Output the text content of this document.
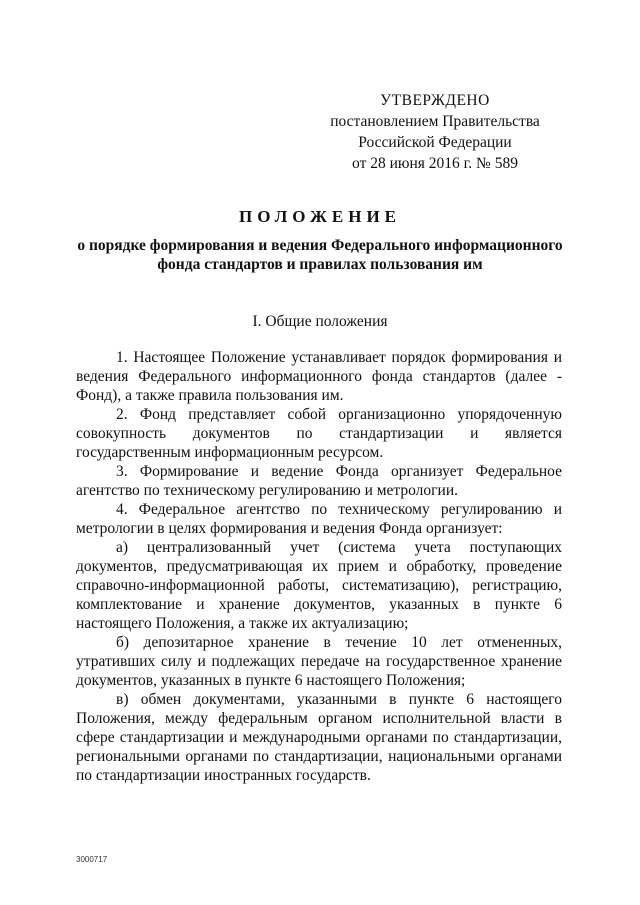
УТВЕРЖДЕНО
постановлением Правительства
Российской Федерации
от 28 июня 2016 г. № 589
ПОЛОЖЕНИЕ
о порядке формирования и ведения Федерального информационного фонда стандартов и правилах пользования им
I. Общие положения

1. Настоящее Положение устанавливает порядок формирования и ведения Федерального информационного фонда стандартов (далее - Фонд), а также правила пользования им.

2. Фонд представляет собой организационно упорядоченную совокупность документов по стандартизации и является государственным информационным ресурсом.

3. Формирование и ведение Фонда организует Федеральное агентство по техническому регулированию и метрологии.

4. Федеральное агентство по техническому регулированию и метрологии в целях формирования и ведения Фонда организует:

а) централизованный учет (система учета поступающих документов, предусматривающая их прием и обработку, проведение справочно-информационной работы, систематизацию), регистрацию, комплектование и хранение документов, указанных в пункте 6 настоящего Положения, а также их актуализацию;

б) депозитарное хранение в течение 10 лет отмененных, утративших силу и подлежащих передаче на государственное хранение документов, указанных в пункте 6 настоящего Положения;

в) обмен документами, указанными в пункте 6 настоящего Положения, между федеральным органом исполнительной власти в сфере стандартизации и международными органами по стандартизации, региональными органами по стандартизации, национальными органами по стандартизации иностранных государств.

3000717
